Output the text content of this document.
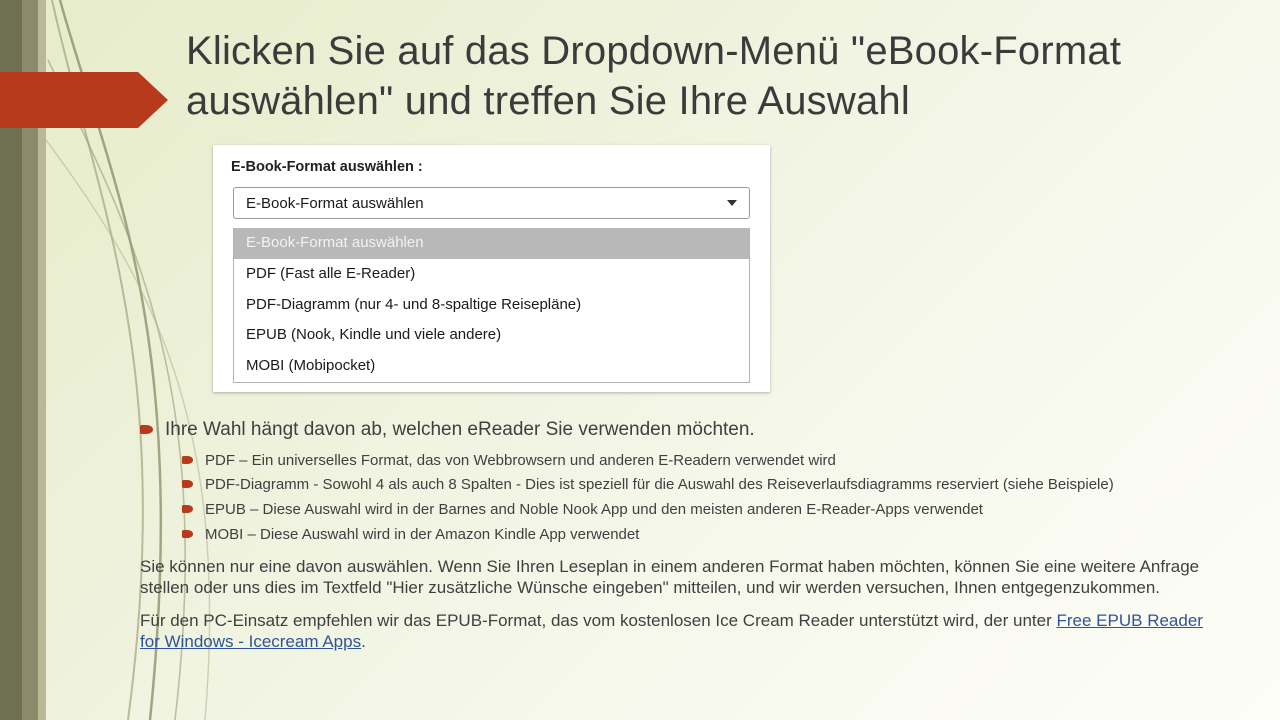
Klicken Sie auf das Dropdown-Menü "eBook-Format auswählen" und treffen Sie Ihre Auswahl
E-Book-Format auswählen :
E-Book-Format auswählen
E-Book-Format auswählen
PDF (Fast alle E-Reader)
PDF-Diagramm (nur 4- und 8-spaltige Reisepläne)
EPUB (Nook, Kindle und viele andere)
MOBI (Mobipocket)
Ihre Wahl hängt davon ab, welchen eReader Sie verwenden möchten.
PDF – Ein universelles Format, das von Webbrowsern und anderen E-Readern verwendet wird
PDF-Diagramm - Sowohl 4 als auch 8 Spalten - Dies ist speziell für die Auswahl des Reiseverlaufsdiagramms reserviert (siehe Beispiele)
EPUB – Diese Auswahl wird in der Barnes and Noble Nook App und den meisten anderen E-Reader-Apps verwendet
MOBI – Diese Auswahl wird in der Amazon Kindle App verwendet
Sie können nur eine davon auswählen. Wenn Sie Ihren Leseplan in einem anderen Format haben möchten, können Sie eine weitere Anfrage stellen oder uns dies im Textfeld "Hier zusätzliche Wünsche eingeben" mitteilen, und wir werden versuchen, Ihnen entgegenzukommen.
Für den PC-Einsatz empfehlen wir das EPUB-Format, das vom kostenlosen Ice Cream Reader unterstützt wird, der unter Free EPUB Reader for Windows - Icecream Apps.
